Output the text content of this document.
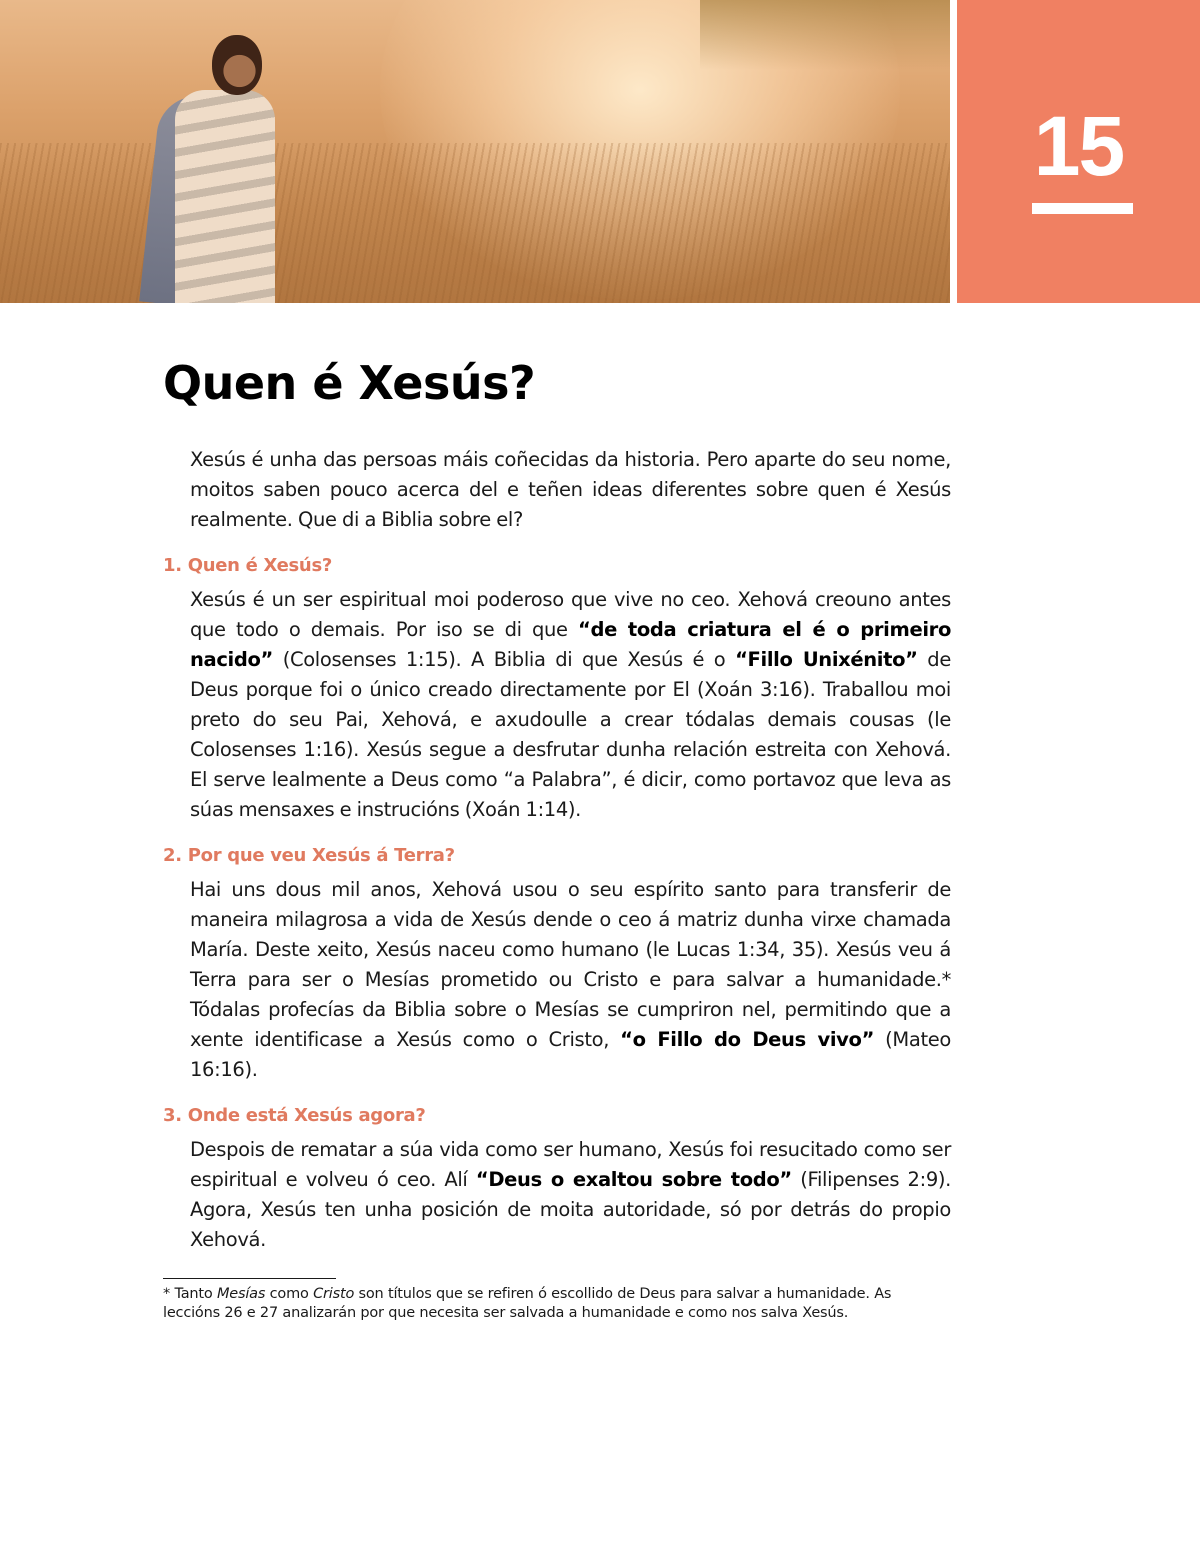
15
Quen é Xesús?

Xesús é unha das persoas máis coñecidas da historia. Pero aparte do seu nome, moitos saben pouco acerca del e teñen ideas diferentes sobre quen é Xesús realmente. Que di a Biblia sobre el?

1. Quen é Xesús?

Xesús é un ser espiritual moi poderoso que vive no ceo. Xehová creouno antes que todo o demais. Por iso se di que “de toda criatura el é o primeiro nacido” (Colosenses 1:15). A Biblia di que Xesús é o “Fillo Unixénito” de Deus porque foi o único creado directamente por El (Xoán 3:16). Traballou moi preto do seu Pai, Xehová, e axudoulle a crear tódalas demais cousas (le Colosenses 1:16). Xesús segue a desfrutar dunha relación estreita con Xehová. El serve lealmente a Deus como “a Palabra”, é dicir, como portavoz que leva as súas mensaxes e instrucións (Xoán 1:14).

2. Por que veu Xesús á Terra?

Hai uns dous mil anos, Xehová usou o seu espírito santo para transferir de maneira milagrosa a vida de Xesús dende o ceo á matriz dunha virxe chamada María. Deste xeito, Xesús naceu como humano (le Lucas 1:34, 35). Xesús veu á Terra para ser o Mesías prometido ou Cristo e para salvar a humanidade.* Tódalas profecías da Biblia sobre o Mesías se cumpriron nel, permitindo que a xente identificase a Xesús como o Cristo, “o Fillo do Deus vivo” (Mateo 16:16).

3. Onde está Xesús agora?

Despois de rematar a súa vida como ser humano, Xesús foi resucitado como ser espiritual e volveu ó ceo. Alí “Deus o exaltou sobre todo” (Filipenses 2:9). Agora, Xesús ten unha posición de moita autoridade, só por detrás do propio Xehová.

* Tanto Mesías como Cristo son títulos que se refiren ó escollido de Deus para salvar a humanidade. As leccións 26 e 27 analizarán por que necesita ser salvada a humanidade e como nos salva Xesús.
